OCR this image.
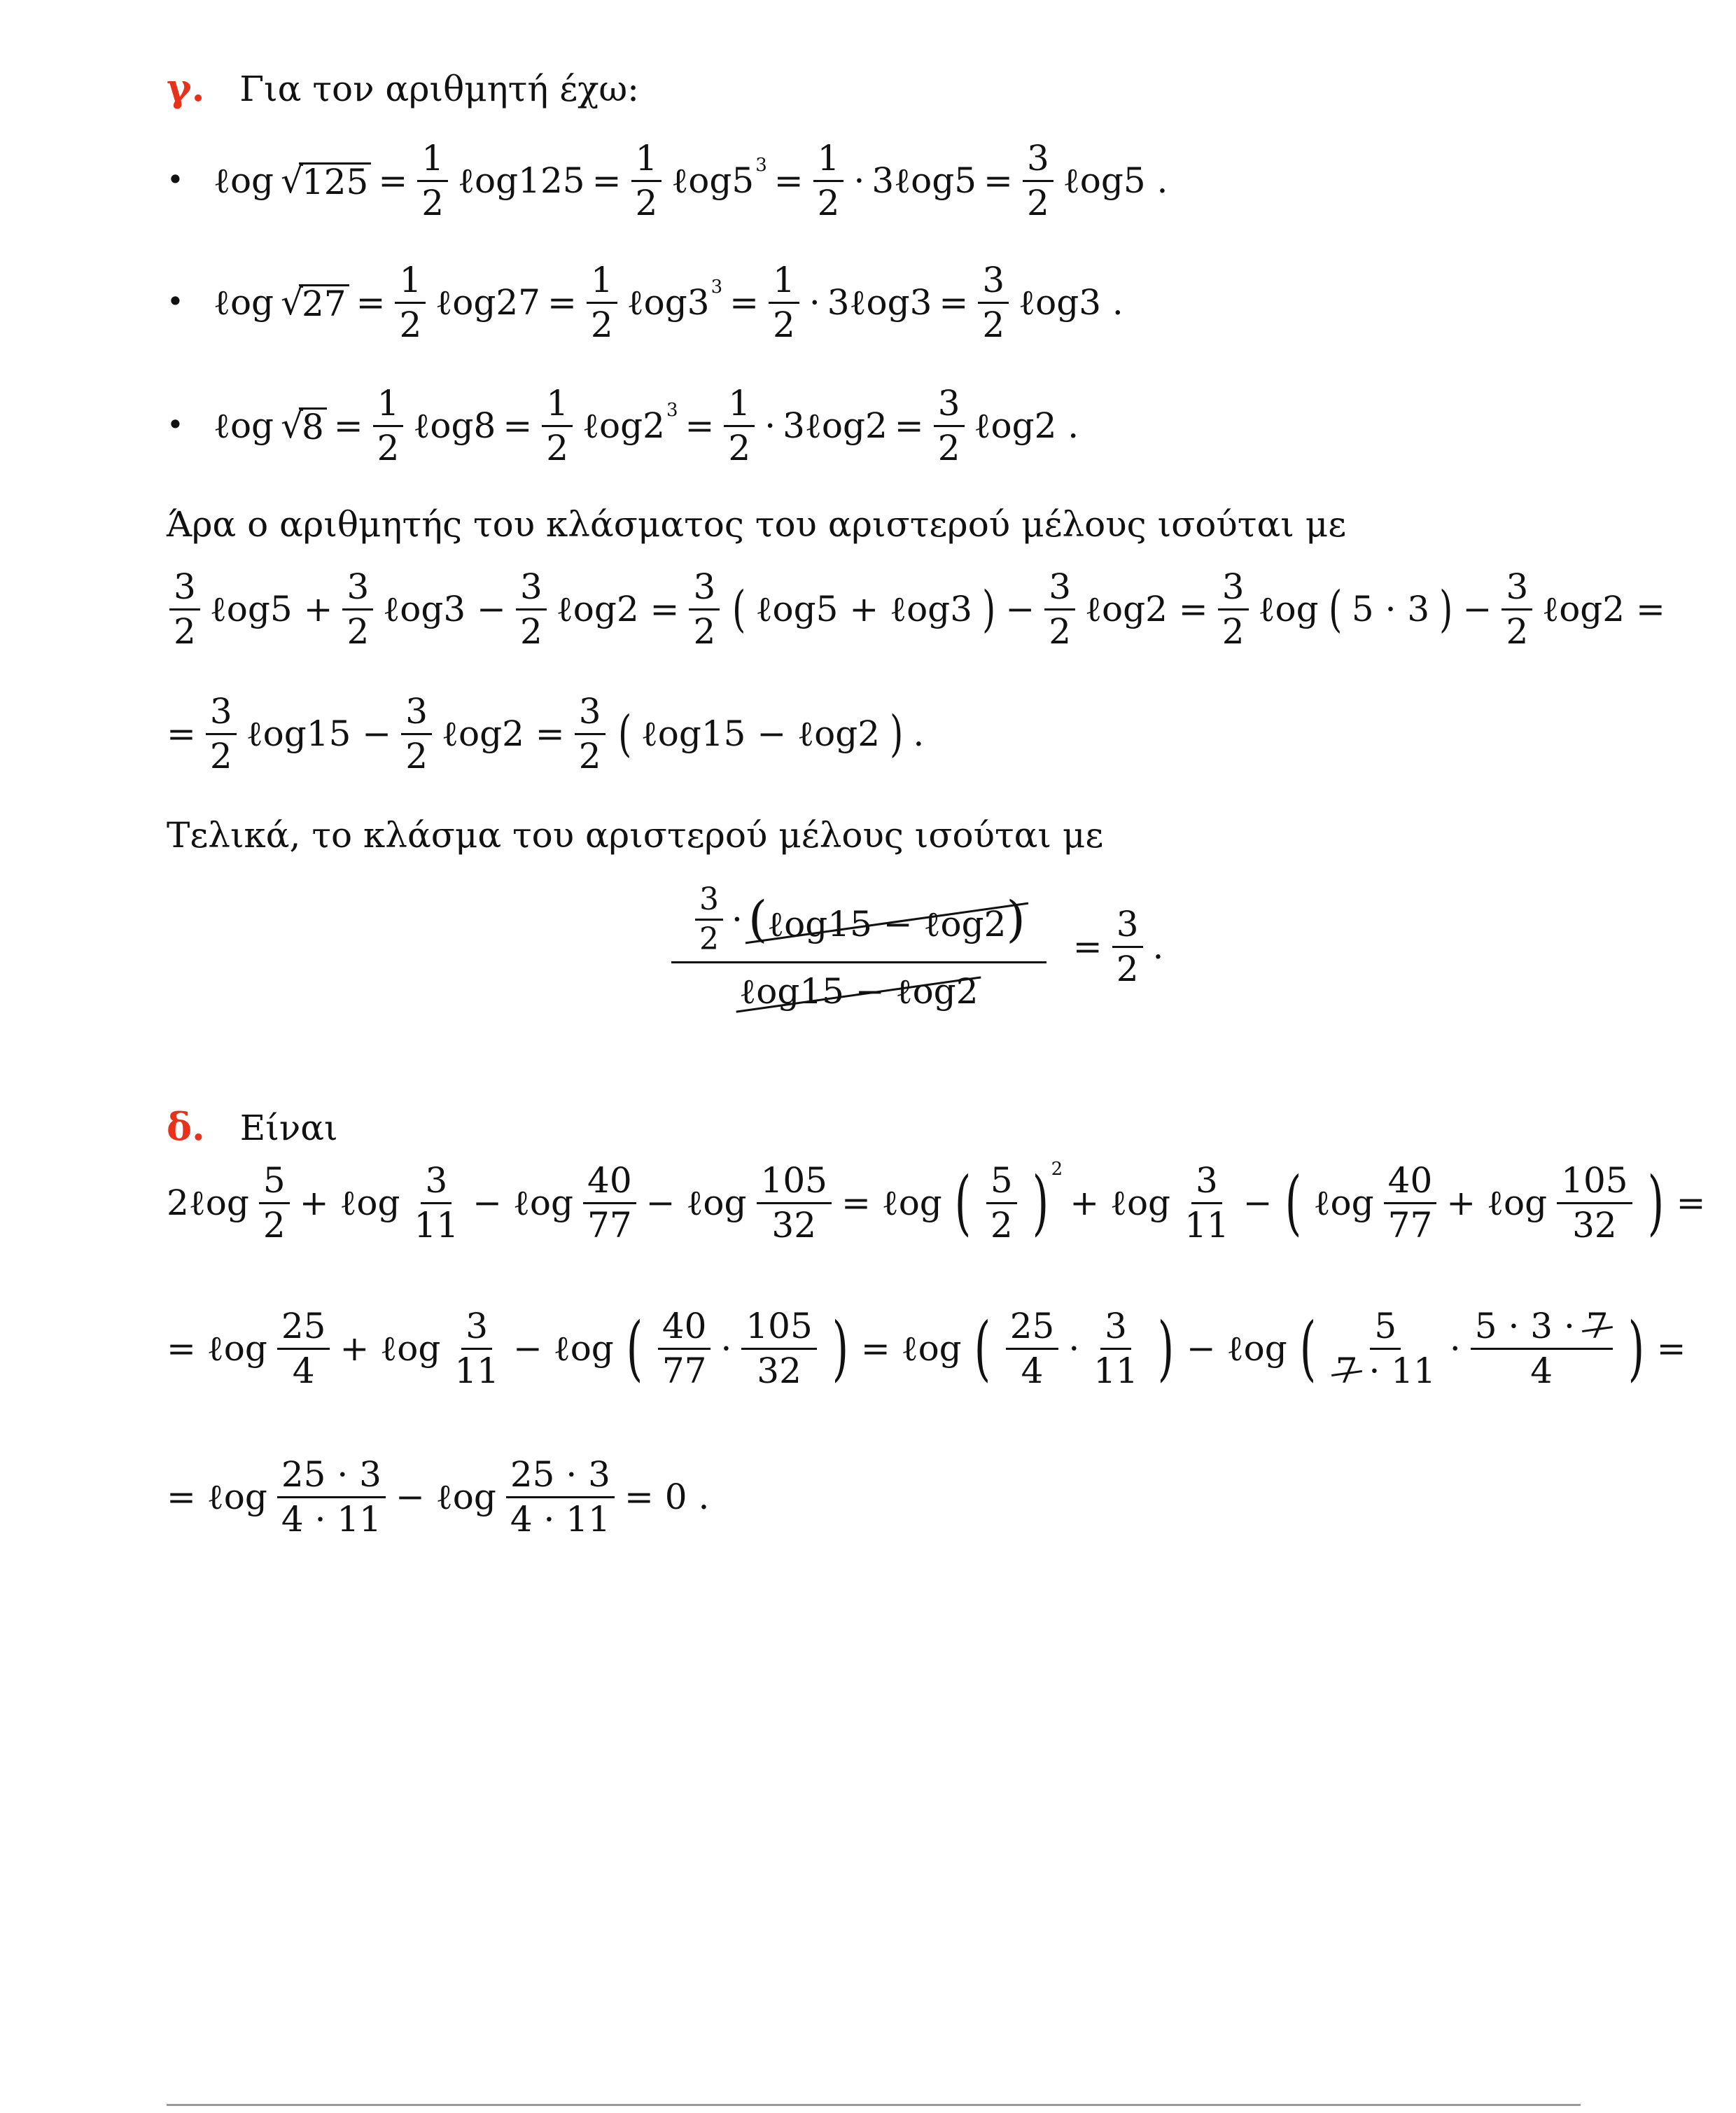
γ. Για τον αριθμητή έχω:
• ℓog √
$125 = \frac{1}{2}$ ℓog125 = $\frac{1}{2}$ ℓog5 $3 = \frac{1}{2}$ · 3ℓog5 = $\frac{3}{2}$ ℓog5 .
• ℓog √
$27 = \frac{1}{2}$ ℓog27 = $\frac{1}{2}$ ℓog3 $3 = \frac{1}{2}$ · 3ℓog3 = $\frac{3}{2}$ ℓog3 .
• ℓog √
$8 = \frac{1}{2}$ ℓog8 = $\frac{1}{2}$ ℓog2 $3 = \frac{1}{2}$ · 3ℓog2 = $\frac{3}{2}$ ℓog2 .
Άρα ο αριθμητής του κλάσματος του αριστερού μέλους ισούται με
$\frac{3}{2}$ ℓog5 + $\frac{3}{2}$ ℓog3 − $\frac{3}{2}$ ℓog2 = $\frac{3}{2}$ ( ℓog5 + ℓog3 ) − $\frac{3}{2}$ ℓog2 = $\frac{3}{2}$ ℓog ( 5 · 3 ) − $\frac{3}{2}$ ℓog2 =
= $\frac{3}{2}$ ℓog15 − $\frac{3}{2}$ ℓog2 = $\frac{3}{2}$ ( ℓog15 − ℓog2 ) .
Τελικά, το κλάσμα του αριστερού μέλους ισούται με
$\frac{\frac{3}{2} \cdot (\ell og15 - \ell og2)}{\text{ℓog15 − ℓog2}} = \frac{3}{2}$ .
δ. Είναι
2ℓog $\frac{5}{2}$ + ℓog $\frac{3}{11}$ − ℓog $\frac{40}{77}$ − ℓog $\frac{105}{32}$ = ℓog ( $\frac{5}{2}$ ) 2
+ ℓog $\frac{3}{11}$ − ( ℓog $\frac{40}{77}$ + ℓog $\frac{105}{32}$ ) =
= ℓog $\frac{25}{4}$ + ℓog $\frac{3}{11}$ − ℓog ( $\frac{40}{77} \cdot \frac{105}{32}$ ) = ℓog ( $\frac{25}{4} \cdot \frac{3}{11}$ ) − ℓog ( $\frac{5}{7 \cdot 11} \cdot \frac{5 \cdot 3 \cdot 7}{4}$ ) =
= ℓog $\frac{25 \cdot 3}{4 \cdot 11}$ − ℓog $\frac{25 \cdot 3}{4 \cdot 11} = 0$ .
